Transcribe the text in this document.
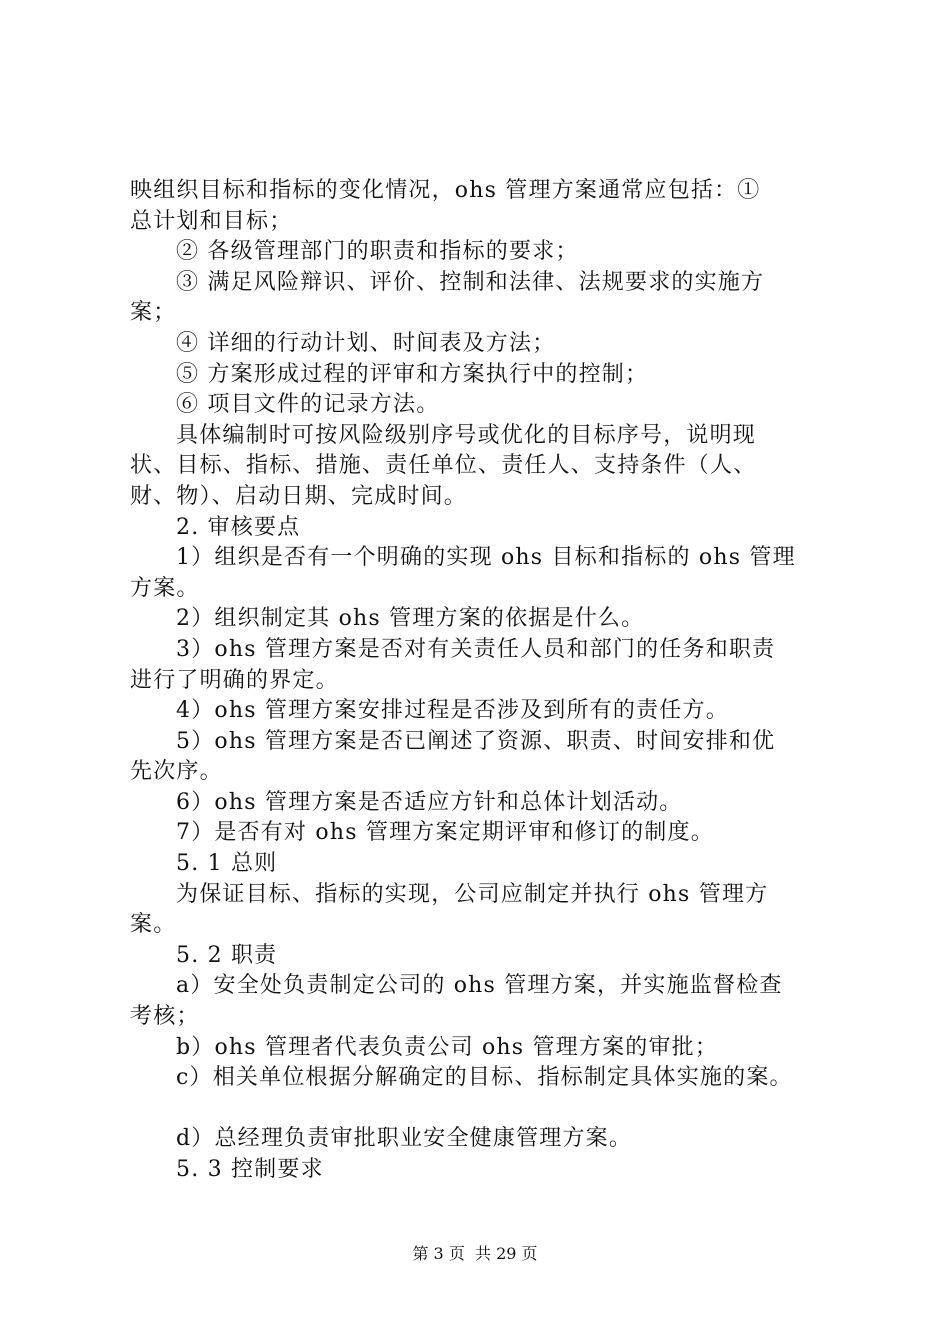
映组织目标和指标的变化情况，ohs 管理方案通常应包括：①
总计划和目标；
② 各级管理部门的职责和指标的要求；
③ 满足风险辩识、评价、控制和法律、法规要求的实施方
案；
④ 详细的行动计划、时间表及方法；
⑤ 方案形成过程的评审和方案执行中的控制；
⑥ 项目文件的记录方法。
具体编制时可按风险级别序号或优化的目标序号，说明现
状、目标、指标、措施、责任单位、责任人、支持条件（人、
财、物）、启动日期、完成时间。
2. 审核要点
1）组织是否有一个明确的实现 ohs 目标和指标的 ohs 管理
方案。
2）组织制定其 ohs 管理方案的依据是什么。
3）ohs 管理方案是否对有关责任人员和部门的任务和职责
进行了明确的界定。
4）ohs 管理方案安排过程是否涉及到所有的责任方。
5）ohs 管理方案是否已阐述了资源、职责、时间安排和优
先次序。
6）ohs 管理方案是否适应方针和总体计划活动。
7）是否有对 ohs 管理方案定期评审和修订的制度。
5. 1 总则
为保证目标、指标的实现，公司应制定并执行 ohs 管理方
案。
5. 2 职责
a）安全处负责制定公司的 ohs 管理方案，并实施监督检查
考核；
b）ohs 管理者代表负责公司 ohs 管理方案的审批；
c）相关单位根据分解确定的目标、指标制定具体实施的案。
d）总经理负责审批职业安全健康管理方案。
5. 3 控制要求
第 3 页  共 29 页
